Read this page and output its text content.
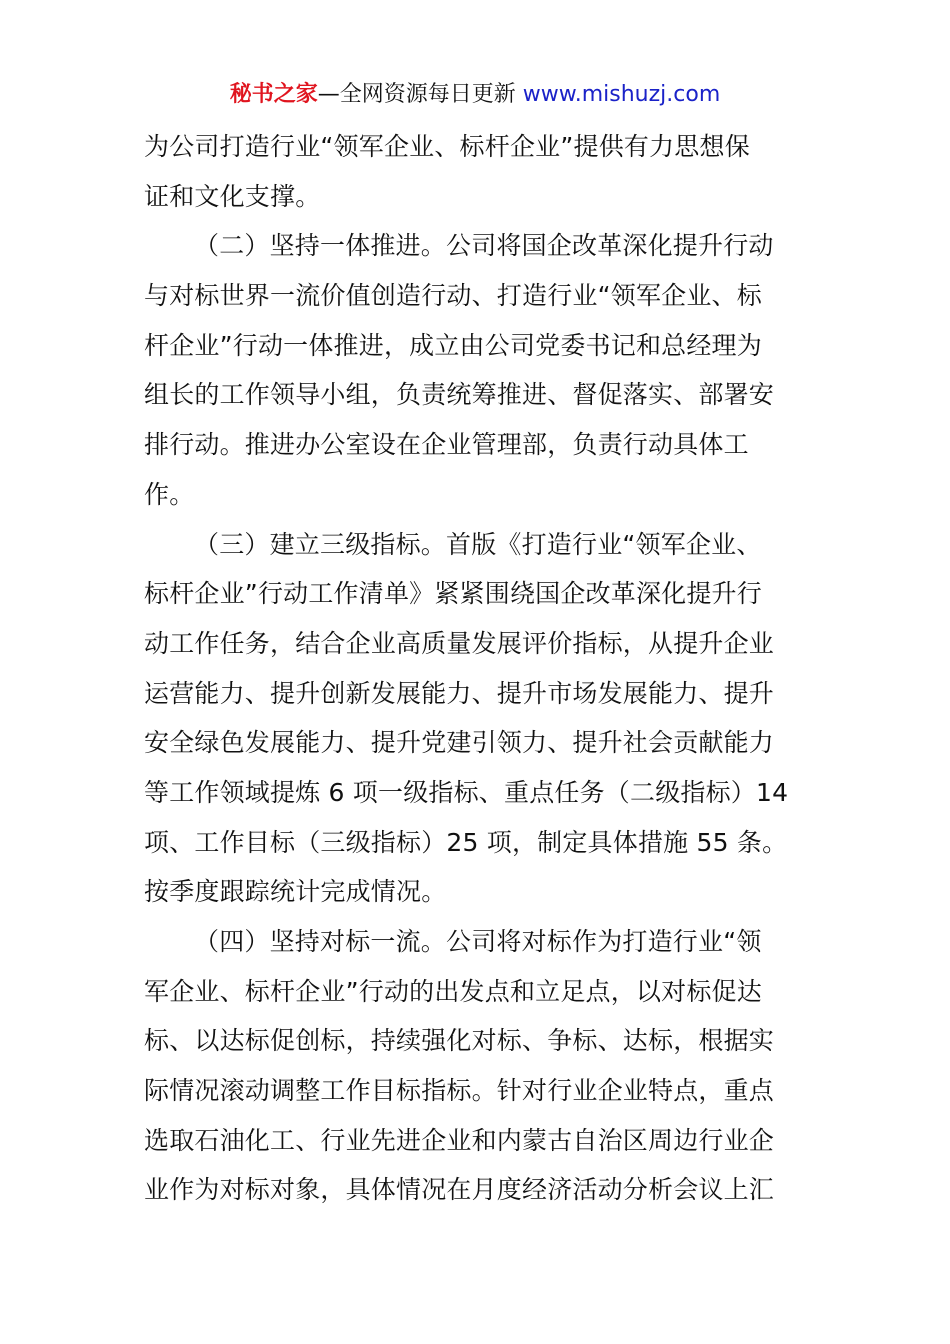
秘书之家—全网资源每日更新 www.mishuzj.com
为公司打造行业“领军企业、标杆企业”提供有力思想保
证和文化支撑。
（二）坚持一体推进。公司将国企改革深化提升行动
与对标世界一流价值创造行动、打造行业“领军企业、标
杆企业”行动一体推进，成立由公司党委书记和总经理为
组长的工作领导小组，负责统筹推进、督促落实、部署安
排行动。推进办公室设在企业管理部，负责行动具体工
作。
（三）建立三级指标。首版《打造行业“领军企业、
标杆企业”行动工作清单》紧紧围绕国企改革深化提升行
动工作任务，结合企业高质量发展评价指标，从提升企业
运营能力、提升创新发展能力、提升市场发展能力、提升
安全绿色发展能力、提升党建引领力、提升社会贡献能力
等工作领域提炼 6 项一级指标、重点任务（二级指标）14
项、工作目标（三级指标）25 项，制定具体措施 55 条。
按季度跟踪统计完成情况。
（四）坚持对标一流。公司将对标作为打造行业“领
军企业、标杆企业”行动的出发点和立足点，以对标促达
标、以达标促创标，持续强化对标、争标、达标，根据实
际情况滚动调整工作目标指标。针对行业企业特点，重点
选取石油化工、行业先进企业和内蒙古自治区周边行业企
业作为对标对象，具体情况在月度经济活动分析会议上汇
